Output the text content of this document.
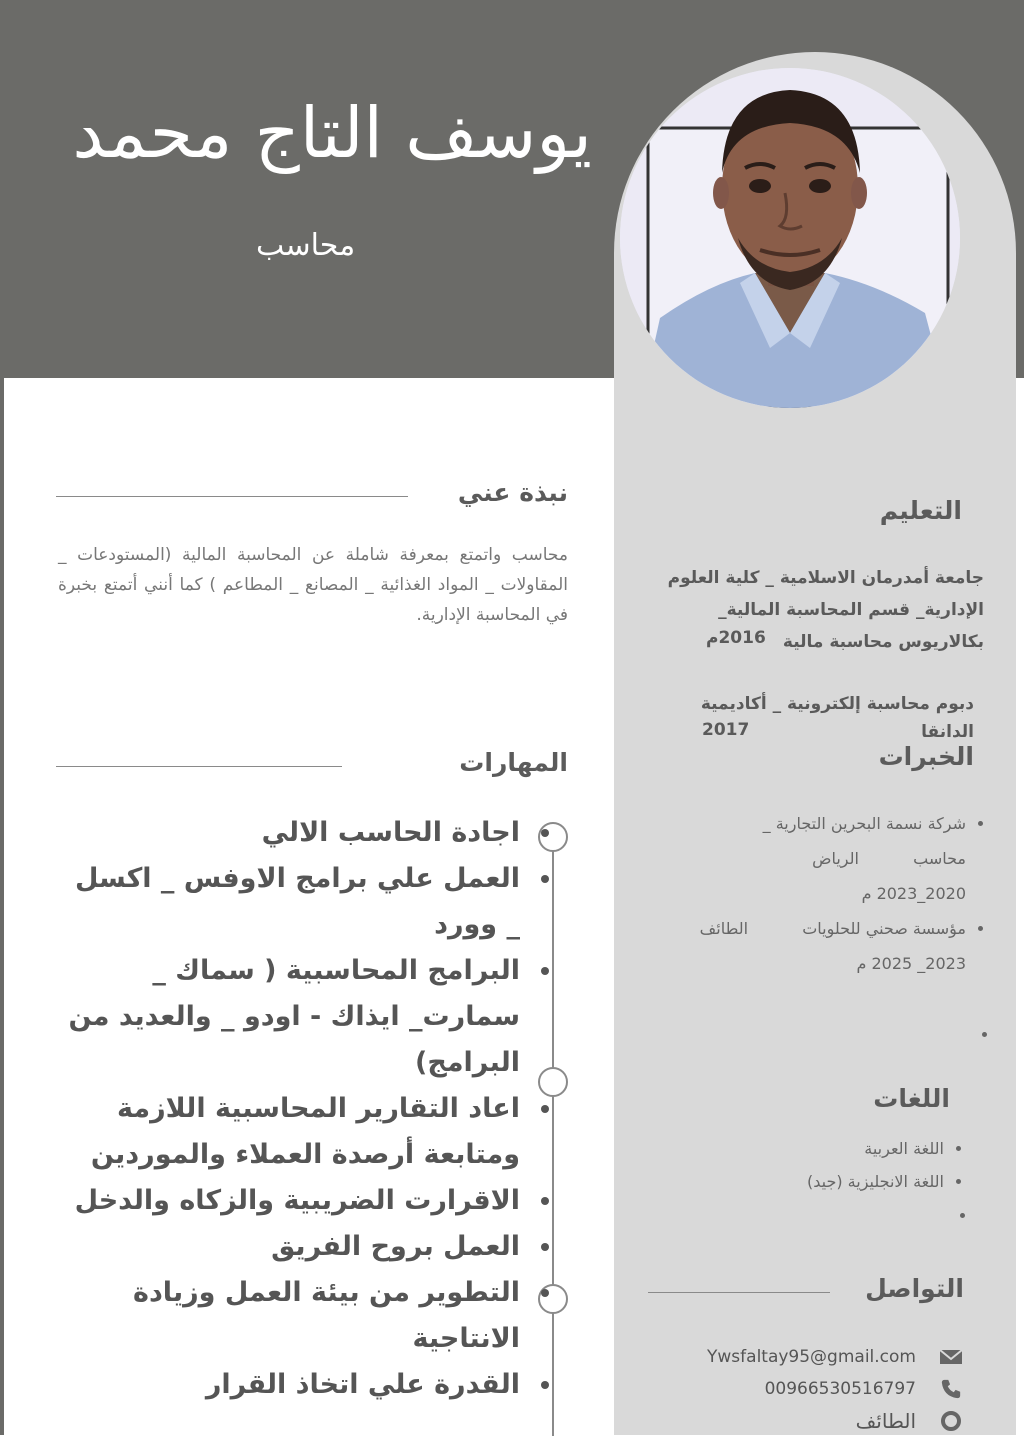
يوسف التاج محمد
محاسب
نبذة عني
محاسب واتمتع بمعرفة شاملة عن المحاسبة المالية (المستودعات _ المقاولات _ المواد الغذائية _ المصانع _ المطاعم ) كما أنني أتمتع بخبرة في المحاسبة الإدارية.
المهارات
• اجادة الحاسب الالي
• العمل علي برامج الاوفس _ اكسل _ وورد
• البرامج المحاسبية ( سماك _ سمارت_ ايذاك - اودو _ والعديد من البرامج)
• اعاد التقارير المحاسبية اللازمة ومتابعة أرصدة العملاء والموردين
• الاقرارت الضريبية والزكاه والدخل
• العمل بروح الفريق
• التطوير من بيئة العمل وزيادة الانتاجية
• القدرة علي اتخاذ القرار
التعليم
جامعة أمدرمان الاسلامية _ كلية العلوم الإدارية_ قسم المحاسبة المالية_ بكالاريوس محاسبة مالية
2016م
دبوم محاسبة إلكترونية _ أكاديمية الدانقا
2017
الخبرات
• شركة نسمة البحرين التجارية _
محاسب  الرياض
2020_2023 م
• مؤسسة صحني للحلويات  الطائف
2023_ 2025 م
اللغات
• اللغة العربية
• اللغة الانجليزية (جيد)
التواصل
Ywsfaltay95@gmail.com
00966530516797
الطائف
